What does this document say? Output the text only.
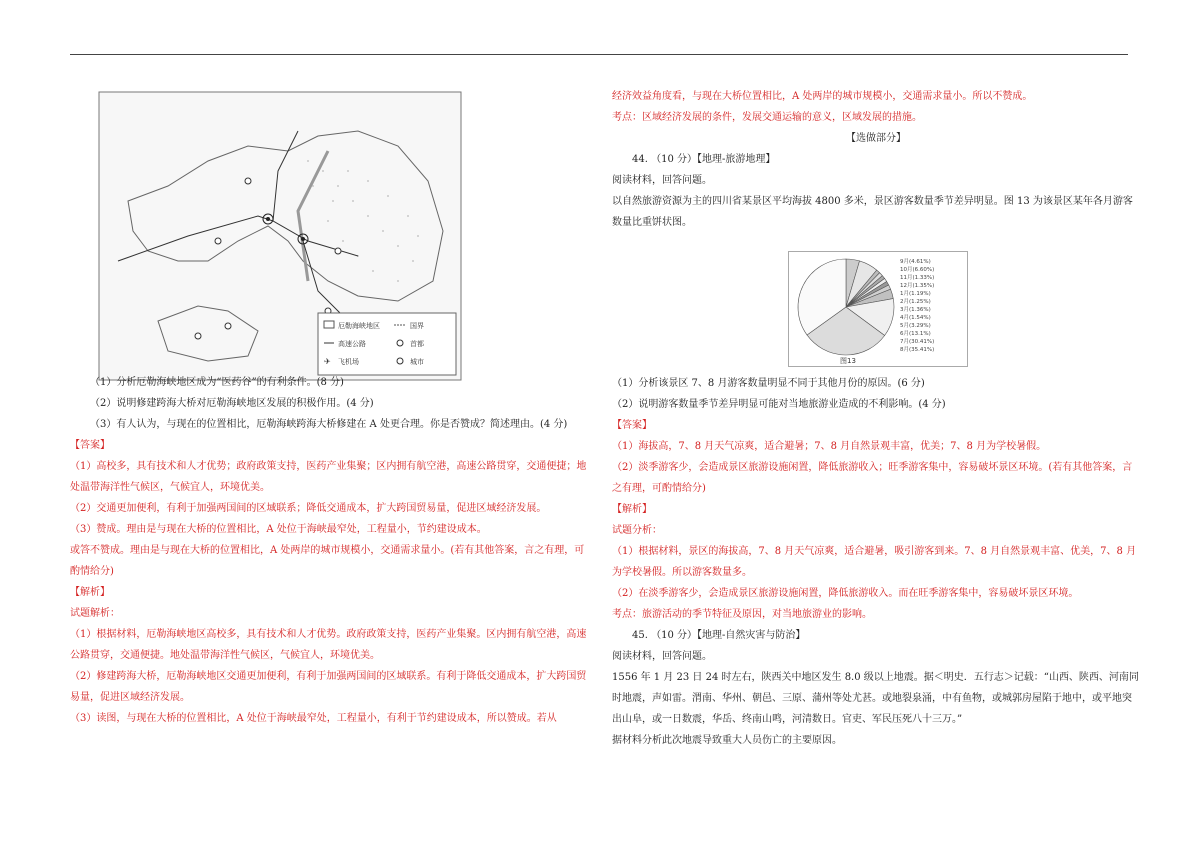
厄勒海峡地区	国界
高速公路	首都
✈ 飞机场	城市

（1）分析厄勒海峡地区成为“医药谷”的有利条件。(8 分)

（2）说明修建跨海大桥对厄勒海峡地区发展的积极作用。(4 分)

（3）有人认为，与现在的位置相比，厄勒海峡跨海大桥修建在 A 处更合理。你是否赞成？简述理由。(4 分)

【答案】

（1）高校多，具有技术和人才优势；政府政策支持，医药产业集聚；区内拥有航空港，高速公路贯穿，交通便捷；地处温带海洋性气候区，气候宜人，环境优美。

（2）交通更加便利，有利于加强两国间的区域联系；降低交通成本，扩大跨国贸易量，促进区域经济发展。

（3）赞成。理由是与现在大桥的位置相比，A 处位于海峡最窄处，工程量小，节约建设成本。

或答不赞成。理由是与现在大桥的位置相比，A 处两岸的城市规模小，交通需求量小。(若有其他答案，言之有理，可酌情给分)

【解析】

试题解析：

（1）根据材料，厄勒海峡地区高校多，具有技术和人才优势。政府政策支持，医药产业集聚。区内拥有航空港，高速公路贯穿，交通便捷。地处温带海洋性气候区，气候宜人，环境优美。

（2）修建跨海大桥，厄勒海峡地区交通更加便利，有利于加强两国间的区域联系。有利于降低交通成本，扩大跨国贸易量，促进区域经济发展。

（3）读图，与现在大桥的位置相比，A 处位于海峡最窄处，工程量小，有利于节约建设成本，所以赞成。若从

经济效益角度看，与现在大桥位置相比，A 处两岸的城市规模小，交通需求量小。所以不赞成。

考点：区域经济发展的条件，发展交通运输的意义，区域发展的措施。

【选做部分】

44. （10 分）【地理-旅游地理】

阅读材料，回答问题。

以自然旅游资源为主的四川省某景区平均海拔 4800 多米，景区游客数量季节差异明显。图 13 为该景区某年各月游客数量比重饼状图。

（1）分析该景区 7、8 月游客数量明显不同于其他月份的原因。(6 分)

（2）说明游客数量季节差异明显可能对当地旅游业造成的不利影响。(4 分)

【答案】

（1）海拔高，7、8 月天气凉爽，适合避暑；7、8 月自然景观丰富，优美；7、8 月为学校暑假。

（2）淡季游客少，会造成景区旅游设施闲置，降低旅游收入；旺季游客集中，容易破坏景区环境。(若有其他答案，言之有理，可酌情给分)

【解析】

试题分析：

（1）根据材料，景区的海拔高，7、8 月天气凉爽，适合避暑，吸引游客到来。7、8 月自然景观丰富、优美，7、8 月为学校暑假。所以游客数量多。

（2）在淡季游客少，会造成景区旅游设施闲置，降低旅游收入。而在旺季游客集中，容易破坏景区环境。

考点：旅游活动的季节特征及原因，对当地旅游业的影响。

45. （10 分）【地理-自然灾害与防治】

阅读材料，回答问题。

1556 年 1 月 23 日 24 时左右，陕西关中地区发生 8.0 级以上地震。据＜明史．五行志＞记载：“山西、陕西、河南同时地震，声如雷。渭南、华州、朝邑、三原、蒲州等处尤甚。或地裂泉涌，中有鱼物，或城郭房屋陷于地中，或平地突出山阜，或一日数震，华岳、终南山鸣，河清数日。官吏、军民压死八十三万。”

据材料分析此次地震导致重大人员伤亡的主要原因。

9月(4.61%)
10月(6.60%)
11月(1.33%)
12月(1.35%)
1月(1.19%)
2月(1.25%)
3月(1.36%)
4月(1.54%)
5月(3.29%)
6月(13.1%)
7月(30.41%)
8月(35.41%)
图13
